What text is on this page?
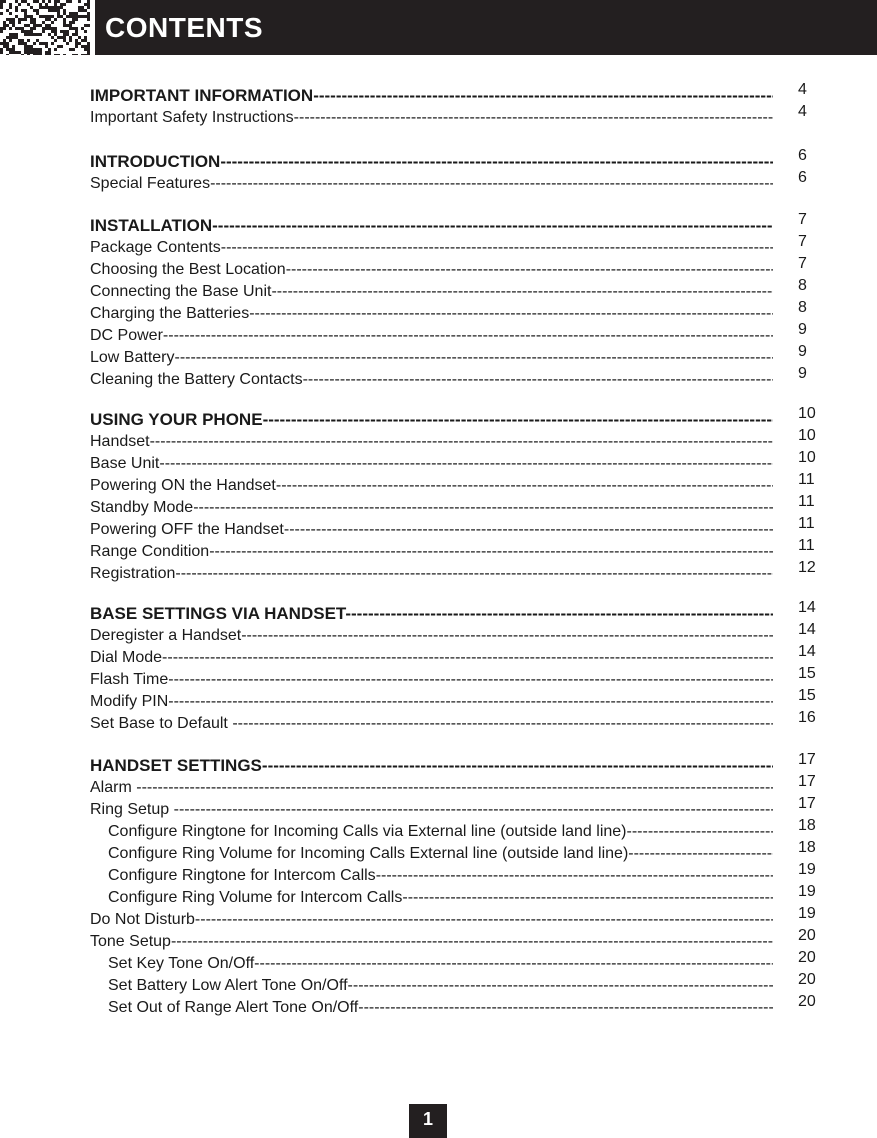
CONTENTS
IMPORTANT INFORMATION -----	4
Important Safety Instructions -----	4
INTRODUCTION -----	6
Special Features -----	6
INSTALLATION -----	7
Package Contents -----	7
Choosing the Best Location -----	7
Connecting the Base Unit -----	8
Charging the Batteries -----	8
DC Power -----	9
Low Battery -----	9
Cleaning the Battery Contacts -----	9
USING YOUR PHONE -----	10
Handset -----	10
Base Unit -----	10
Powering ON the Handset -----	11
Standby Mode -----	11
Powering OFF the Handset -----	11
Range Condition -----	11
Registration -----	12
BASE SETTINGS VIA HANDSET -----	14
Deregister a Handset -----	14
Dial Mode -----	14
Flash Time -----	15
Modify PIN -----	15
Set Base to Default -----	16
HANDSET SETTINGS -----	17
Alarm -----	17
Ring Setup -----	17
Configure Ringtone for Incoming Calls via External line (outside land line) -----	18
Configure Ring Volume for Incoming Calls External line (outside land line) -----	18
Configure Ringtone for Intercom Calls -----	19
Configure Ring Volume for Intercom Calls -----	19
Do Not Disturb -----	19
Tone Setup -----	20
Set Key Tone On/Off -----	20
Set Battery Low Alert Tone On/Off -----	20
Set Out of Range Alert Tone On/Off -----	20
1
